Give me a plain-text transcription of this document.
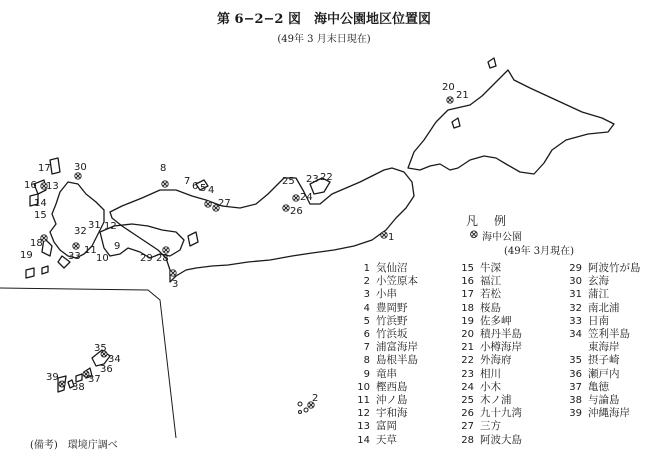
第 6−2−2 図　海中公園地区位置図
(49年 3 月末日現在)
1
2
3
4
5
6
7
8
9
10
11
12
13
14
15
16
17
18
19
20
21
22
23
24
25
26
27
28
29
30
31
32
33
34
35
36
37
38
39
凡　例
⊗ 海中公園
(49年 3月現在)
1 気仙沼
2 小笠原本
3 小串
4 豊岡野
5 竹浜野
6 竹浜坂
7 浦富海岸
8 島根半島
9 竜串
10 樫西島
11 沖ノ島
12 宇和海
13 富岡
14 天草
15 牛深
16 福江
17 若松
18 桜島
19 佐多岬
20 積丹半島
21 小樽海岸
22 外海府
23 相川
24 小木
25 木ノ浦
26 九十九湾
27 三方
28 阿波大島
29 阿波竹が島
30 玄海
31 蒲江
32 南北浦
33 日南
34 笠利半島東海岸
35 摂子崎
36 瀬戸内
37 亀徳
38 与論島
39 沖縄海岸
(備考)　環境庁調べ
